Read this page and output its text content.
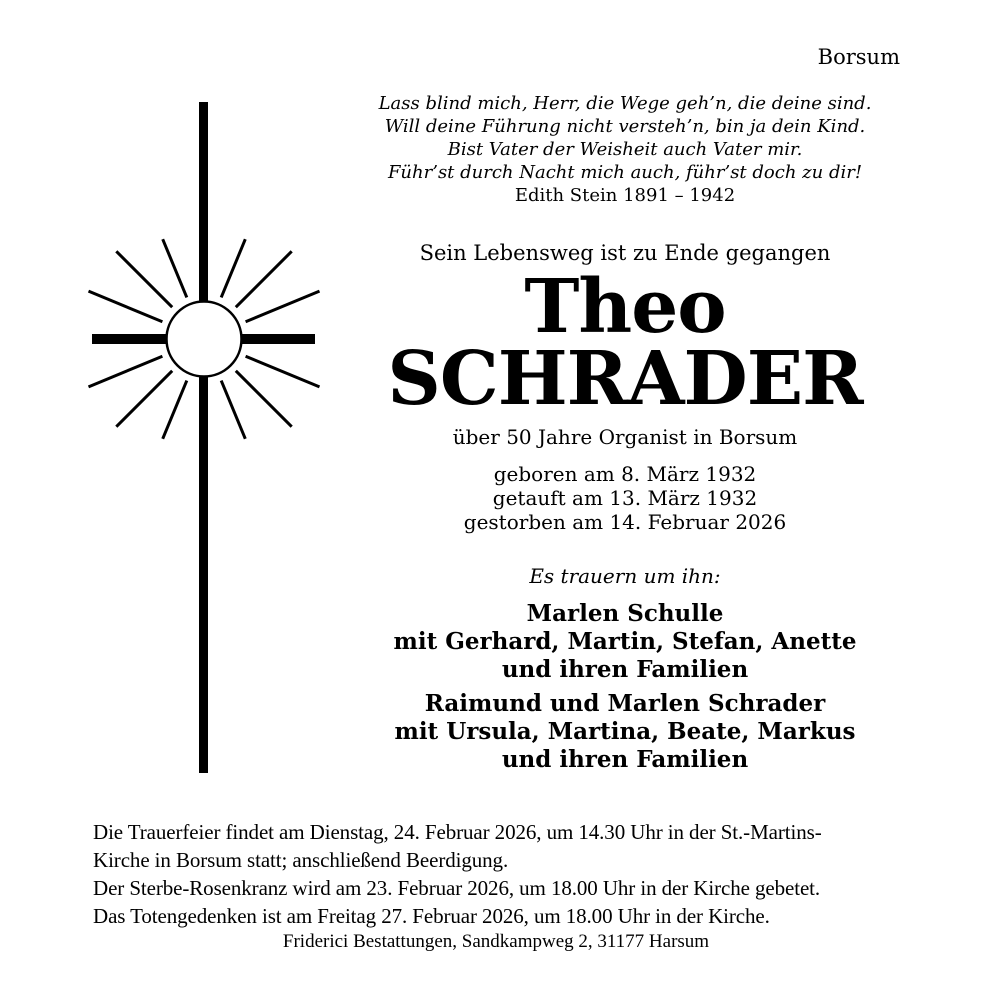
Borsum
Lass blind mich, Herr, die Wege geh’n, die deine sind.
Will deine Führung nicht versteh’n, bin ja dein Kind.
Bist Vater der Weisheit auch Vater mir.
Führ’st durch Nacht mich auch, führ’st doch zu dir!
Edith Stein 1891 – 1942
Sein Lebensweg ist zu Ende gegangen
Theo
SCHRADER
über 50 Jahre Organist in Borsum
geboren am 8. März 1932
getauft am 13. März 1932
gestorben am 14. Februar 2026
Es trauern um ihn:
Marlen Schulle
mit Gerhard, Martin, Stefan, Anette
und ihren Familien
Raimund und Marlen Schrader
mit Ursula, Martina, Beate, Markus
und ihren Familien
Die Trauerfeier findet am Dienstag, 24. Februar 2026, um 14.30 Uhr in der St.-Martins-
Kirche in Borsum statt; anschließend Beerdigung.
Der Sterbe-Rosenkranz wird am 23. Februar 2026, um 18.00 Uhr in der Kirche gebetet.
Das Totengedenken ist am Freitag 27. Februar 2026, um 18.00 Uhr in der Kirche.
Friderici Bestattungen, Sandkampweg 2, 31177 Harsum
